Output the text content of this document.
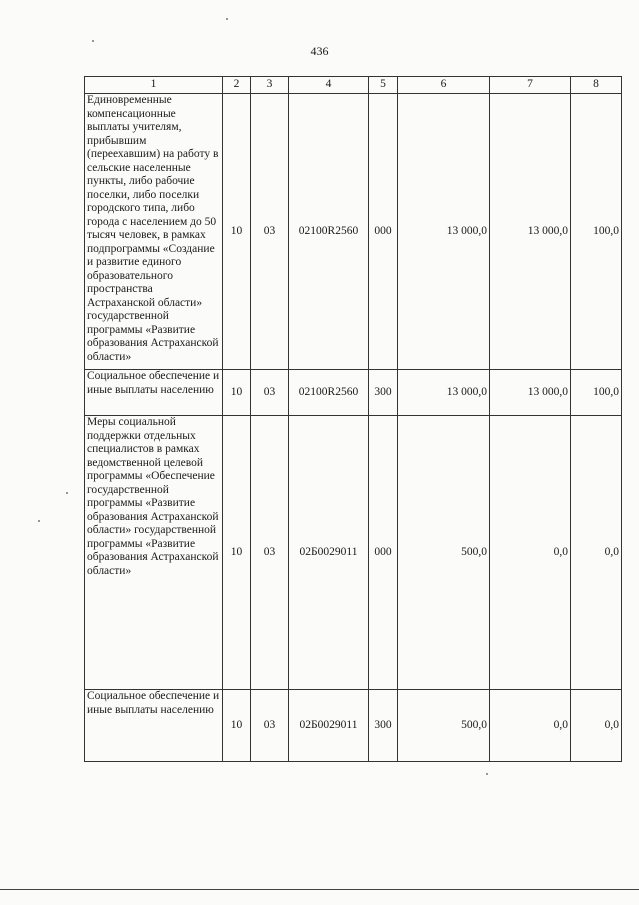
436
1	2	3	4	5	6	7	8
Единовременные компенсационные выплаты учителям, прибывшим (переехавшим) на работу в сельские населенные пункты, либо рабочие поселки, либо поселки городского типа, либо города с населением до 50 тысяч человек, в рамках подпрограммы «Создание и развитие единого образовательного пространства Астраханской области» государственной программы «Развитие образования Астраханской области»	10	03	02100R2560	000	13 000,0	13 000,0	100,0
Социальное обеспечение и иные выплаты населению	10	03	02100R2560	300	13 000,0	13 000,0	100,0
Меры социальной поддержки отдельных специалистов в рамках ведомственной целевой программы «Обеспечение государственной программы «Развитие образования Астраханской области» государственной программы «Развитие образования Астраханской области»	10	03	02Б0029011	000	500,0	0,0	0,0
Социальное обеспечение и иные выплаты населению	10	03	02Б0029011	300	500,0	0,0	0,0
